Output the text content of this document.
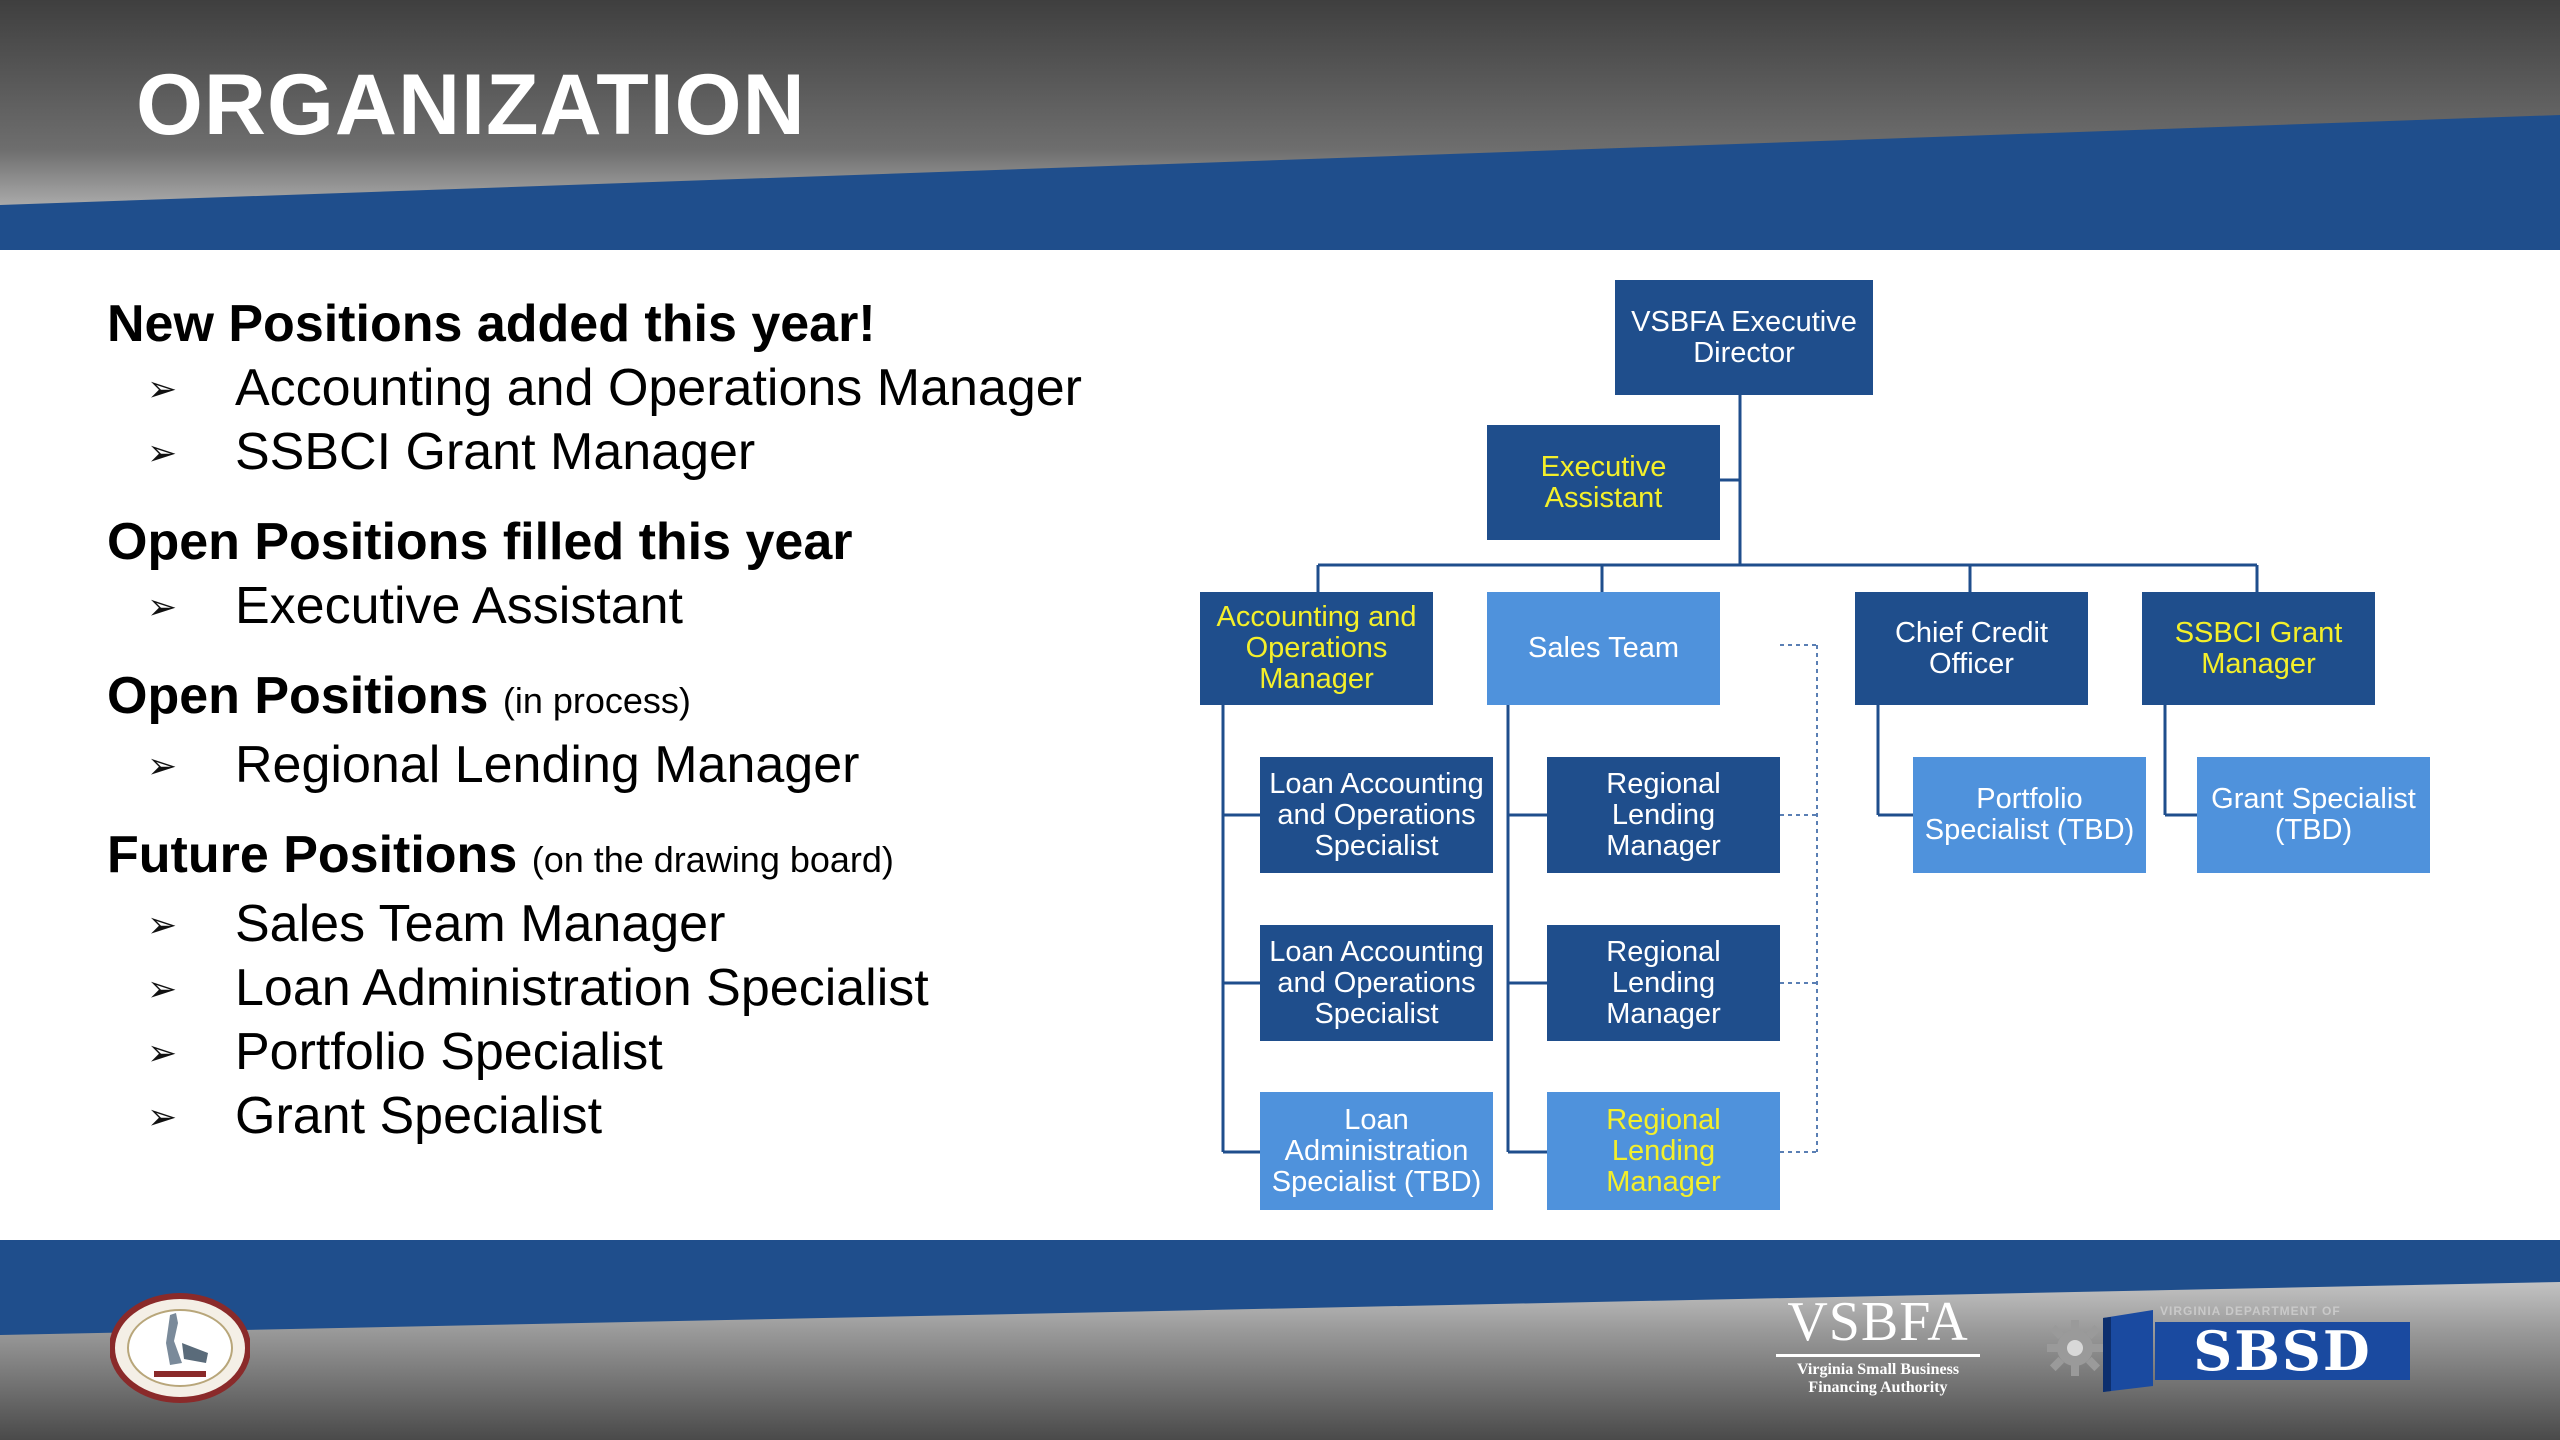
ORGANIZATION
New Positions added this year!
➢ Accounting and Operations Manager
➢ SSBCI Grant Manager
Open Positions filled this year
➢ Executive Assistant
Open Positions (in process)
➢ Regional Lending Manager
Future Positions (on the drawing board)
➢ Sales Team Manager
➢ Loan Administration Specialist
➢ Portfolio Specialist
➢ Grant Specialist
VSBFA Executive
Director
Executive
Assistant
Accounting and
Operations
Manager
Sales Team	Chief Credit
Officer
SSBCI Grant
Manager
Loan Accounting
and Operations
Specialist
Loan Accounting
and Operations
Specialist
Loan
Administration
Specialist (TBD)
Regional Lending
Manager
Regional Lending
Manager
Regional Lending
Manager
Portfolio
Specialist (TBD)
Grant Specialist
(TBD)
VSBFA
Virginia Small Business
Financing Authority
VIRGINIA DEPARTMENT OF
SBSD
